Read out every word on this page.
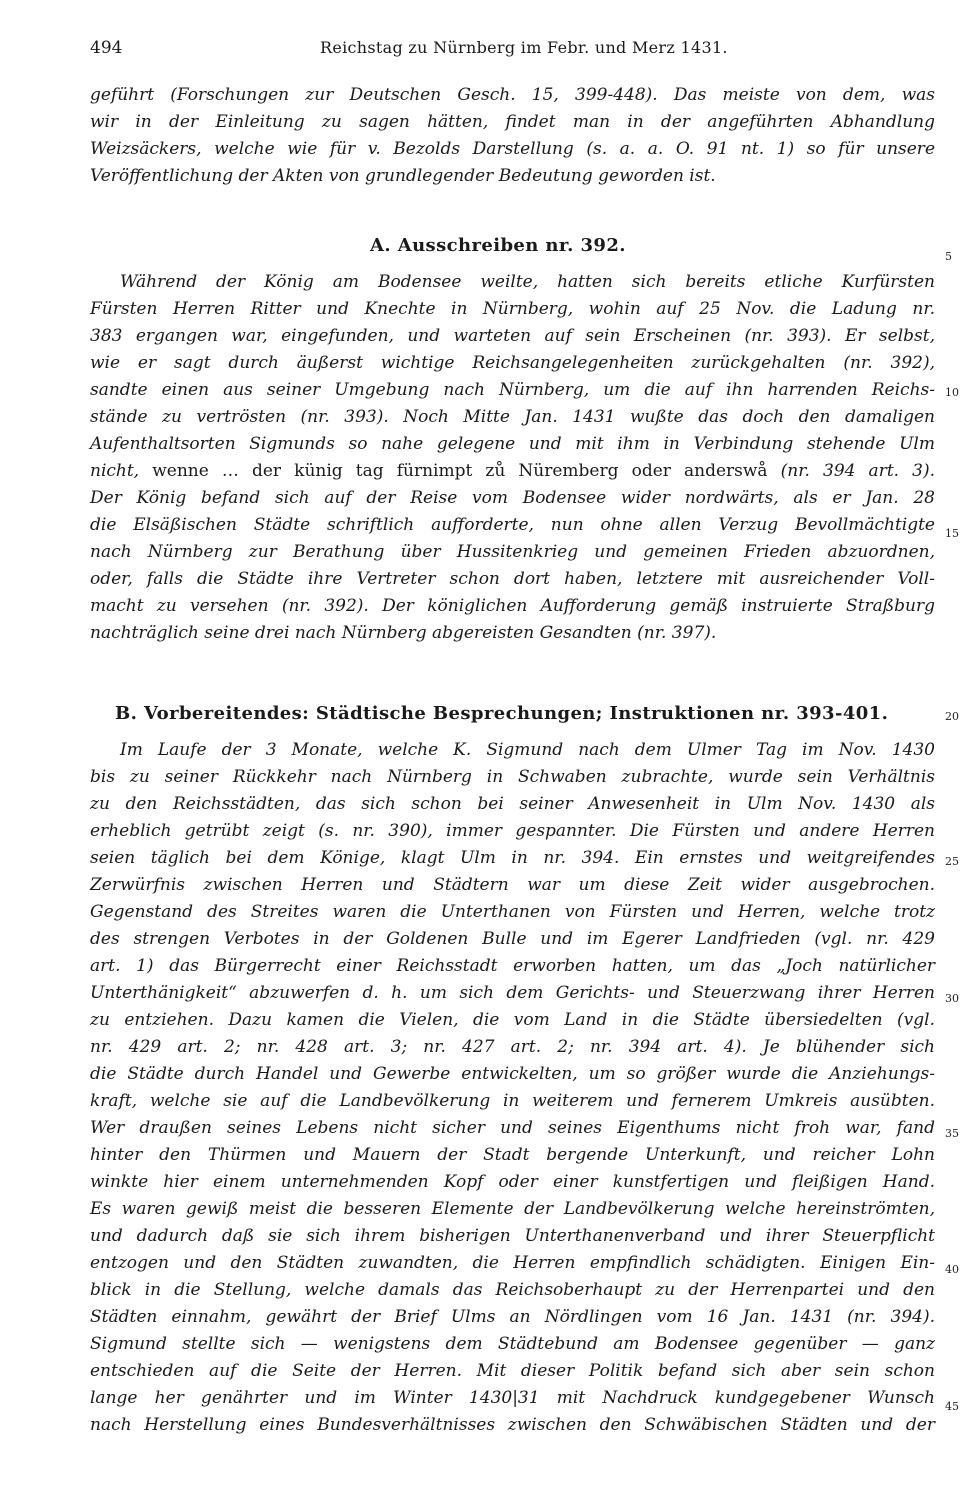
494	Reichstag zu Nürnberg im Febr. und Merz 1431.
geführt (Forschungen zur Deutschen Gesch. 15, 399-448). Das meiste von dem, was
wir in der Einleitung zu sagen hätten, findet man in der angeführten Abhandlung
Weizsäckers, welche wie für v. Bezolds Darstellung (s. a. a. O. 91 nt. 1) so für unsere
Veröffentlichung der Akten von grundlegender Bedeutung geworden ist.
A. Ausschreiben nr. 392.
Während der König am Bodensee weilte, hatten sich bereits etliche Kurfürsten
Fürsten Herren Ritter und Knechte in Nürnberg, wohin auf 25 Nov. die Ladung nr.
383 ergangen war, eingefunden, und warteten auf sein Erscheinen (nr. 393). Er selbst,
wie er sagt durch äußerst wichtige Reichsangelegenheiten zurückgehalten (nr. 392),
sandte einen aus seiner Umgebung nach Nürnberg, um die auf ihn harrenden Reichs-
stände zu vertrösten (nr. 393). Noch Mitte Jan. 1431 wußte das doch den damaligen
Aufenthaltsorten Sigmunds so nahe gelegene und mit ihm in Verbindung stehende Ulm
nicht, wenne … der künig tag fürnimpt zů Nüremberg oder anderswå (nr. 394 art. 3).
Der König befand sich auf der Reise vom Bodensee wider nordwärts, als er Jan. 28
die Elsäßischen Städte schriftlich aufforderte, nun ohne allen Verzug Bevollmächtigte
nach Nürnberg zur Berathung über Hussitenkrieg und gemeinen Frieden abzuordnen,
oder, falls die Städte ihre Vertreter schon dort haben, letztere mit ausreichender Voll-
macht zu versehen (nr. 392). Der königlichen Aufforderung gemäß instruierte Straßburg
nachträglich seine drei nach Nürnberg abgereisten Gesandten (nr. 397).
B. Vorbereitendes: Städtische Besprechungen; Instruktionen nr. 393-401.
Im Laufe der 3 Monate, welche K. Sigmund nach dem Ulmer Tag im Nov. 1430
bis zu seiner Rückkehr nach Nürnberg in Schwaben zubrachte, wurde sein Verhältnis
zu den Reichsstädten, das sich schon bei seiner Anwesenheit in Ulm Nov. 1430 als
erheblich getrübt zeigt (s. nr. 390), immer gespannter. Die Fürsten und andere Herren
seien täglich bei dem Könige, klagt Ulm in nr. 394. Ein ernstes und weitgreifendes
Zerwürfnis zwischen Herren und Städtern war um diese Zeit wider ausgebrochen.
Gegenstand des Streites waren die Unterthanen von Fürsten und Herren, welche trotz
des strengen Verbotes in der Goldenen Bulle und im Egerer Landfrieden (vgl. nr. 429
art. 1) das Bürgerrecht einer Reichsstadt erworben hatten, um das „Joch natürlicher
Unterthänigkeit“ abzuwerfen d. h. um sich dem Gerichts- und Steuerzwang ihrer Herren
zu entziehen. Dazu kamen die Vielen, die vom Land in die Städte übersiedelten (vgl.
nr. 429 art. 2; nr. 428 art. 3; nr. 427 art. 2; nr. 394 art. 4). Je blühender sich
die Städte durch Handel und Gewerbe entwickelten, um so größer wurde die Anziehungs-
kraft, welche sie auf die Landbevölkerung in weiterem und fernerem Umkreis ausübten.
Wer draußen seines Lebens nicht sicher und seines Eigenthums nicht froh war, fand
hinter den Thürmen und Mauern der Stadt bergende Unterkunft, und reicher Lohn
winkte hier einem unternehmenden Kopf oder einer kunstfertigen und fleißigen Hand.
Es waren gewiß meist die besseren Elemente der Landbevölkerung welche hereinströmten,
und dadurch daß sie sich ihrem bisherigen Unterthanenverband und ihrer Steuerpflicht
entzogen und den Städten zuwandten, die Herren empfindlich schädigten. Einigen Ein-
blick in die Stellung, welche damals das Reichsoberhaupt zu der Herrenpartei und den
Städten einnahm, gewährt der Brief Ulms an Nördlingen vom 16 Jan. 1431 (nr. 394).
Sigmund stellte sich — wenigstens dem Städtebund am Bodensee gegenüber — ganz
entschieden auf die Seite der Herren. Mit dieser Politik befand sich aber sein schon
lange her genährter und im Winter 1430|31 mit Nachdruck kundgegebener Wunsch
nach Herstellung eines Bundesverhältnisses zwischen den Schwäbischen Städten und der
5
10
15
20
25
30
35
40
45
